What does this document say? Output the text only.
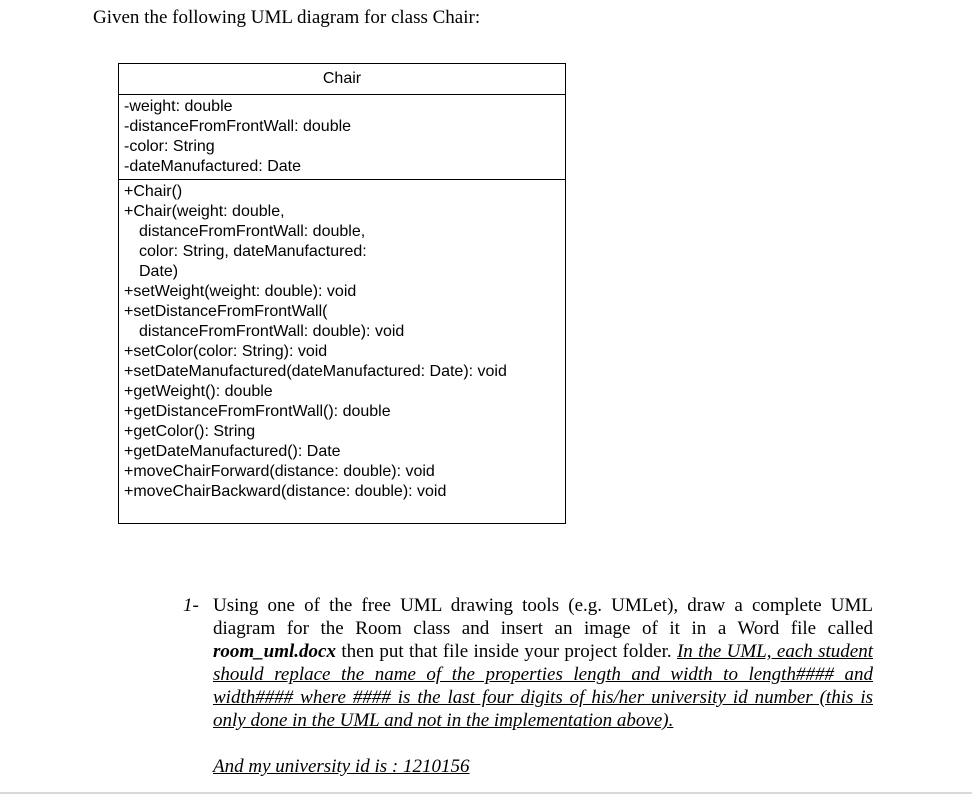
Given the following UML diagram for class Chair:
Chair
-weight: double
-distanceFromFrontWall: double
-color: String
-dateManufactured: Date
+Chair()
+Chair(weight: double,
distanceFromFrontWall: double,
color: String, dateManufactured:
Date)
+setWeight(weight: double): void
+setDistanceFromFrontWall(
distanceFromFrontWall: double): void
+setColor(color: String): void
+setDateManufactured(dateManufactured: Date): void
+getWeight(): double
+getDistanceFromFrontWall(): double
+getColor(): String
+getDateManufactured(): Date
+moveChairForward(distance: double): void
+moveChairBackward(distance: double): void
1- Using one of the free UML drawing tools (e.g. UMLet), draw a complete UML diagram for the Room class and insert an image of it in a Word file called room_uml.docx then put that file inside your project folder. In the UML, each student should replace the name of the properties length and width to length#### and width#### where #### is the last four digits of his/her university id number (this is only done in the UML and not in the implementation above).
And my university id is : 1210156
